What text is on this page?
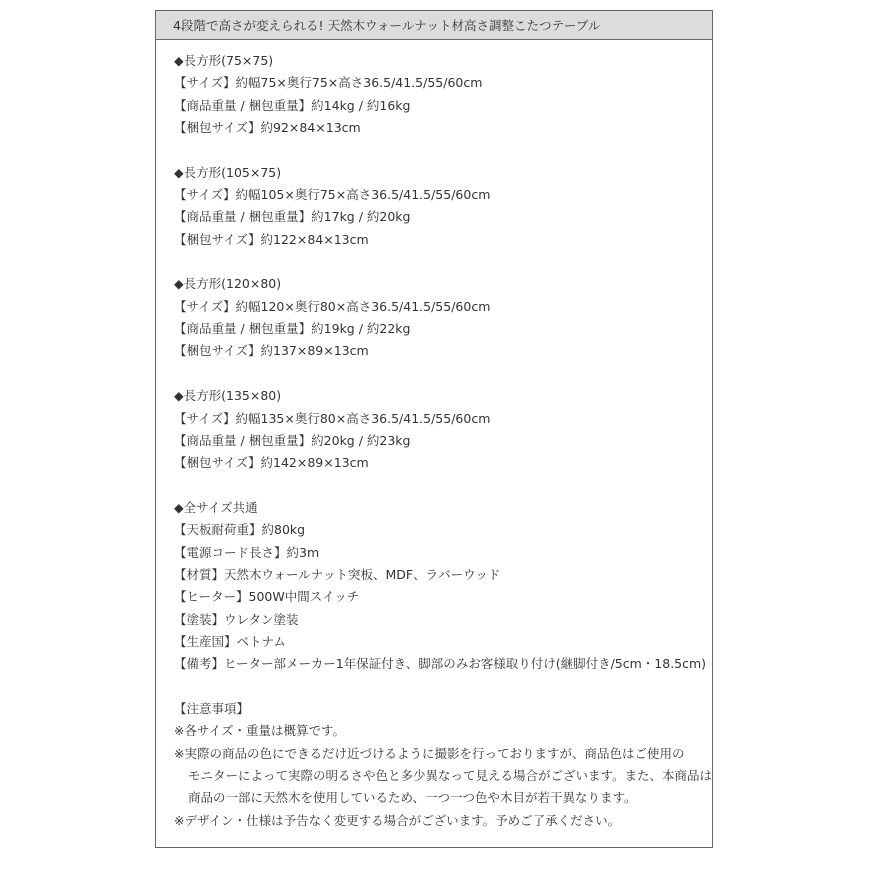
4段階で高さが変えられる! 天然木ウォールナット材高さ調整こたつテーブル
◆長方形(75×75)
【サイズ】約幅75×奥行75×高さ36.5/41.5/55/60cm
【商品重量 / 梱包重量】約14kg / 約16kg
【梱包サイズ】約92×84×13cm
◆長方形(105×75)
【サイズ】約幅105×奥行75×高さ36.5/41.5/55/60cm
【商品重量 / 梱包重量】約17kg / 約20kg
【梱包サイズ】約122×84×13cm
◆長方形(120×80)
【サイズ】約幅120×奥行80×高さ36.5/41.5/55/60cm
【商品重量 / 梱包重量】約19kg / 約22kg
【梱包サイズ】約137×89×13cm
◆長方形(135×80)
【サイズ】約幅135×奥行80×高さ36.5/41.5/55/60cm
【商品重量 / 梱包重量】約20kg / 約23kg
【梱包サイズ】約142×89×13cm
◆全サイズ共通
【天板耐荷重】約80kg
【電源コード長さ】約3m
【材質】天然木ウォールナット突板、MDF、ラバーウッド
【ヒーター】500W中間スイッチ
【塗装】ウレタン塗装
【生産国】ベトナム
【備考】ヒーター部メーカー1年保証付き、脚部のみお客様取り付け(継脚付き/5cm・18.5cm)
【注意事項】
※各サイズ・重量は概算です。
※実際の商品の色にできるだけ近づけるように撮影を行っておりますが、商品色はご使用の
モニターによって実際の明るさや色と多少異なって見える場合がございます。また、本商品は
商品の一部に天然木を使用しているため、一つ一つ色や木目が若干異なります。
※デザイン・仕様は予告なく変更する場合がございます。予めご了承ください。
